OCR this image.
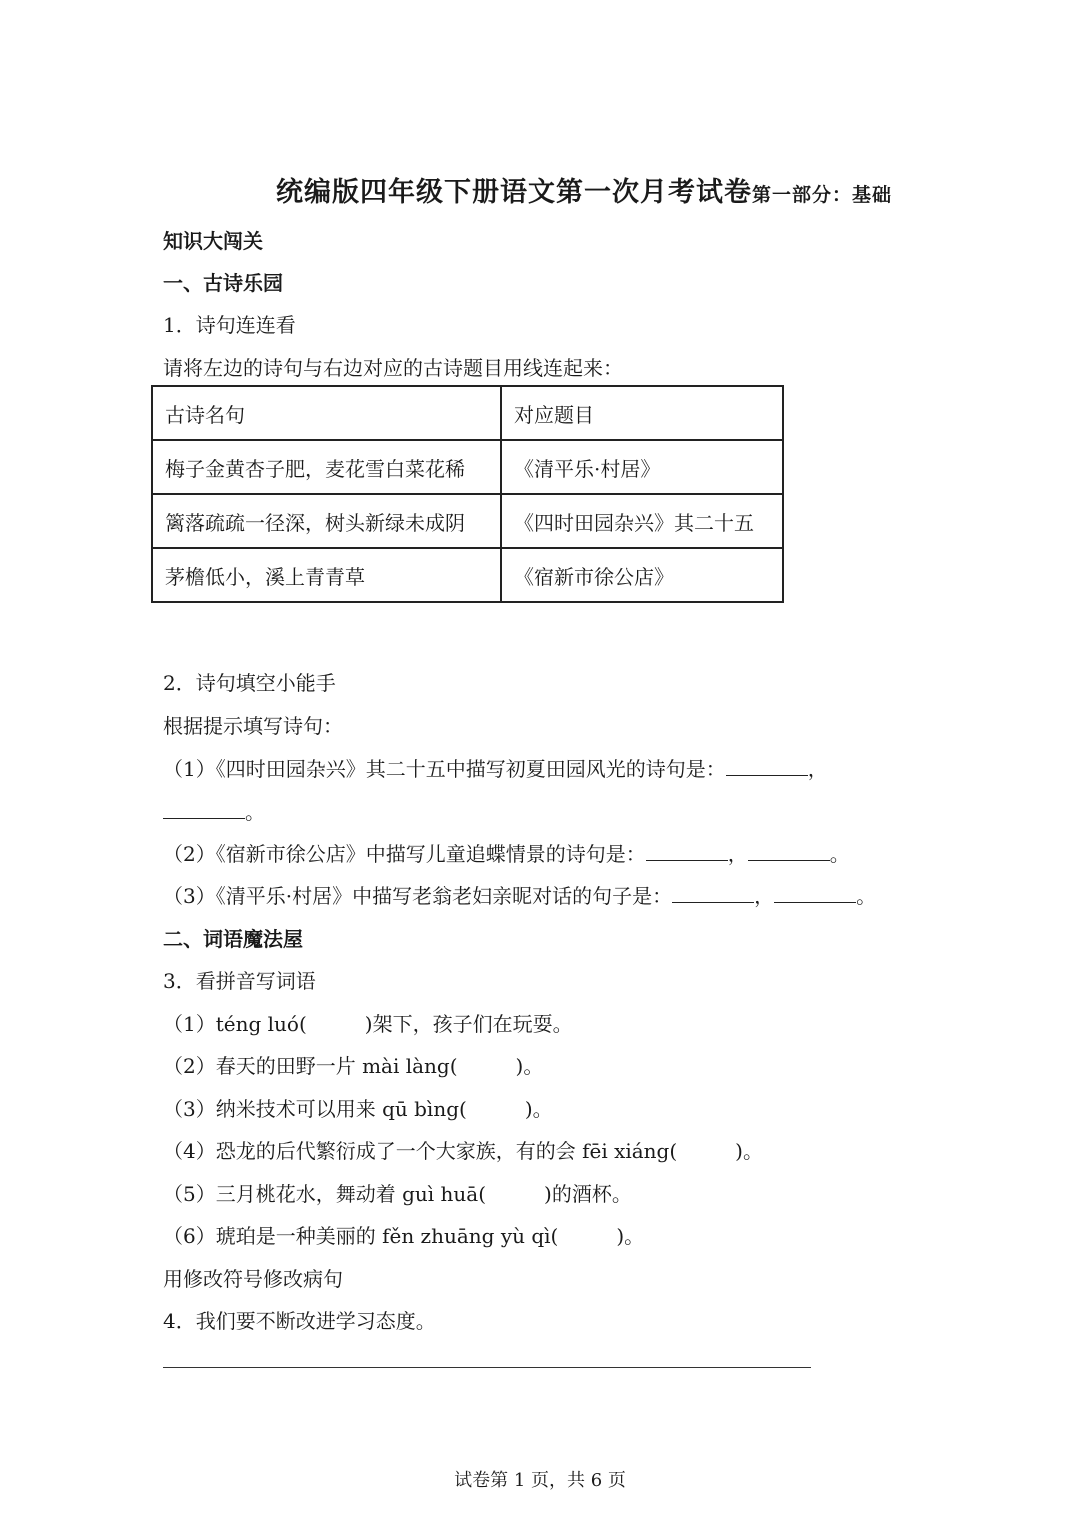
统编版四年级下册语文第一次月考试卷第一部分：基础
知识大闯关
一、古诗乐园
1．诗句连连看
请将左边的诗句与右边对应的古诗题目用线连起来：
古诗名句	对应题目
梅子金黄杏子肥，麦花雪白菜花稀	《清平乐·村居》
篱落疏疏一径深，树头新绿未成阴	《四时田园杂兴》其二十五
茅檐低小，溪上青青草	《宿新市徐公店》
2．诗句填空小能手
根据提示填写诗句：
（1）《四时田园杂兴》其二十五中描写初夏田园风光的诗句是：	，
。
（2）《宿新市徐公店》中描写儿童追蝶情景的诗句是：	，	。
（3）《清平乐·村居》中描写老翁老妇亲昵对话的句子是：	，	。
二、词语魔法屋
3．看拼音写词语
（1）téng luó(	)架下，孩子们在玩耍。
（2）春天的田野一片 mài làng(	)。
（3）纳米技术可以用来 qū bìng(	)。
（4）恐龙的后代繁衍成了一个大家族，有的会 fēi xiáng(	)。
（5）三月桃花水，舞动着 guì huā(	)的酒杯。
（6）琥珀是一种美丽的 fěn zhuāng yù qì(	)。
用修改符号修改病句
4．我们要不断改进学习态度。
试卷第 1 页，共 6 页
